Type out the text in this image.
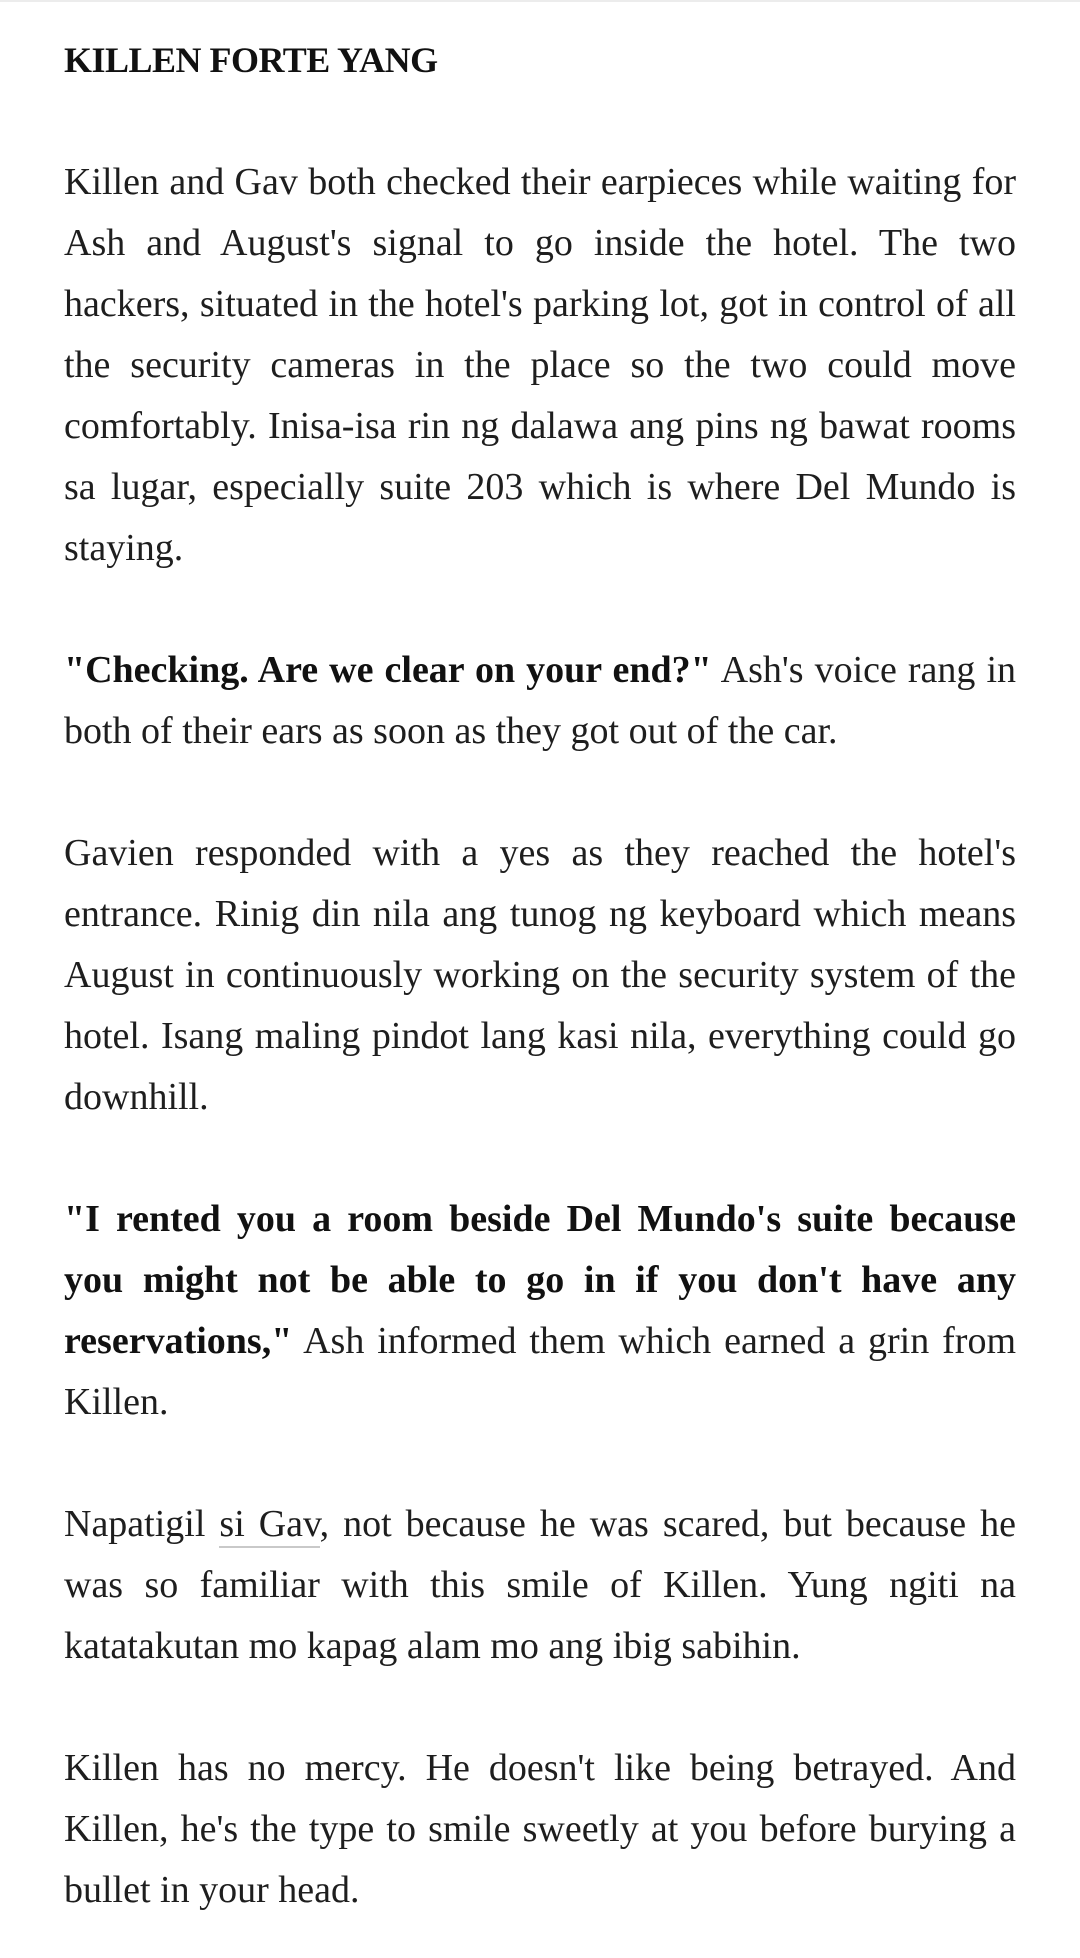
KILLEN FORTE YANG

Killen and Gav both checked their earpieces while waiting for Ash and August's signal to go inside the hotel. The two hackers, situated in the hotel's parking lot, got in control of all the security cameras in the place so the two could move comfortably. Inisa-isa rin ng dalawa ang pins ng bawat rooms sa lugar, especially suite 203 which is where Del Mundo is staying.

"Checking. Are we clear on your end?" Ash's voice rang in both of their ears as soon as they got out of the car.

Gavien responded with a yes as they reached the hotel's entrance. Rinig din nila ang tunog ng keyboard which means August in continuously working on the security system of the hotel. Isang maling pindot lang kasi nila, everything could go downhill.

"I rented you a room beside Del Mundo's suite because you might not be able to go in if you don't have any reservations," Ash informed them which earned a grin from Killen.

Napatigil si Gav, not because he was scared, but because he was so familiar with this smile of Killen. Yung ngiti na katatakutan mo kapag alam mo ang ibig sabihin.

Killen has no mercy. He doesn't like being betrayed. And Killen, he's the type to smile sweetly at you before burying a bullet in your head.
